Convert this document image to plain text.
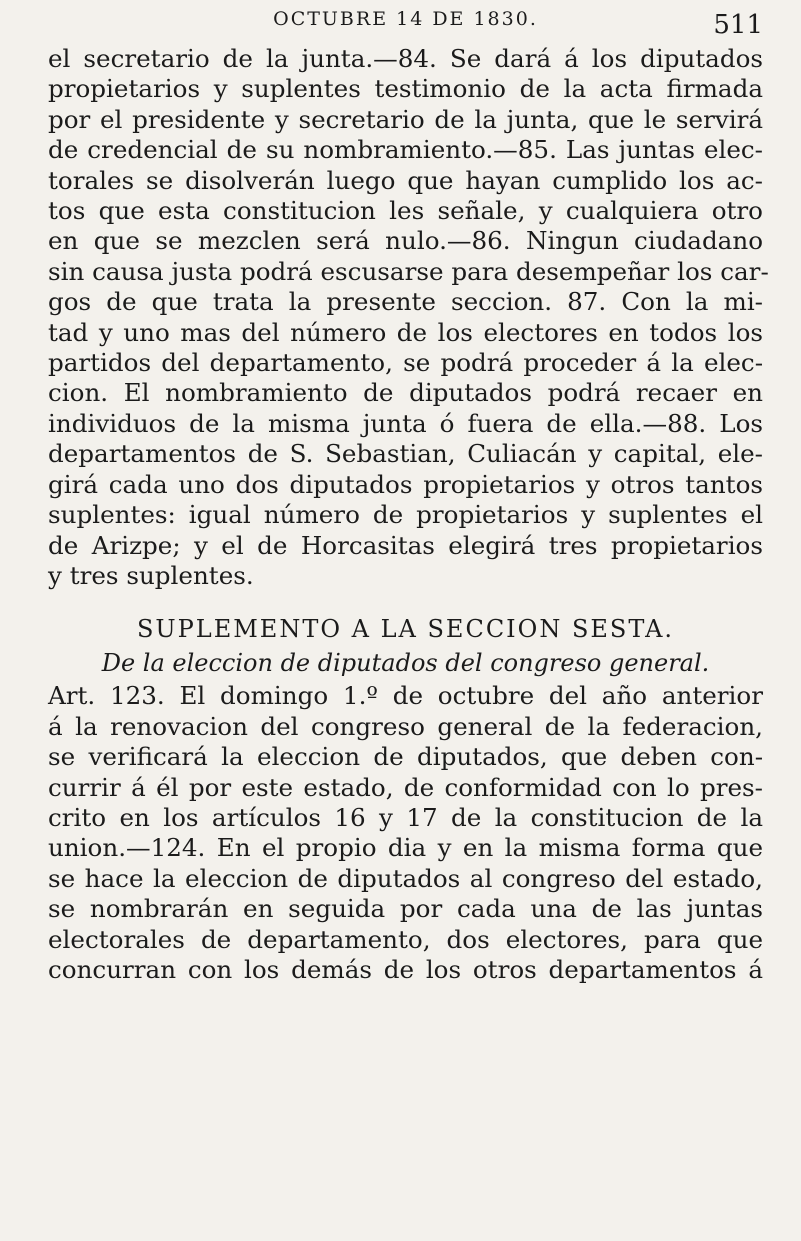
OCTUBRE 14 DE 1830.	511

el secretario de la junta.—84. Se dará á los diputados
propietarios y suplentes testimonio de la acta firmada
por el presidente y secretario de la junta, que le servirá
de credencial de su nombramiento.—85. Las juntas elec-
torales se disolverán luego que hayan cumplido los ac-
tos que esta constitucion les señale, y cualquiera otro
en que se mezclen será nulo.—86. Ningun ciudadano
sin causa justa podrá escusarse para desempeñar los car-
gos de que trata la presente seccion. 87. Con la mi-
tad y uno mas del número de los electores en todos los
partidos del departamento, se podrá proceder á la elec-
cion. El nombramiento de diputados podrá recaer en
individuos de la misma junta ó fuera de ella.—88. Los
departamentos de S. Sebastian, Culiacán y capital, ele-
girá cada uno dos diputados propietarios y otros tantos
suplentes: igual número de propietarios y suplentes el
de Arizpe; y el de Horcasitas elegirá tres propietarios
y tres suplentes.

SUPLEMENTO A LA SECCION SESTA.
De la eleccion de diputados del congreso general.

Art. 123. El domingo 1.º de octubre del año anterior
á la renovacion del congreso general de la federacion,
se verificará la eleccion de diputados, que deben con-
currir á él por este estado, de conformidad con lo pres-
crito en los artículos 16 y 17 de la constitucion de la
union.—124. En el propio dia y en la misma forma que
se hace la eleccion de diputados al congreso del estado,
se nombrarán en seguida por cada una de las juntas
electorales de departamento, dos electores, para que
concurran con los demás de los otros departamentos á
